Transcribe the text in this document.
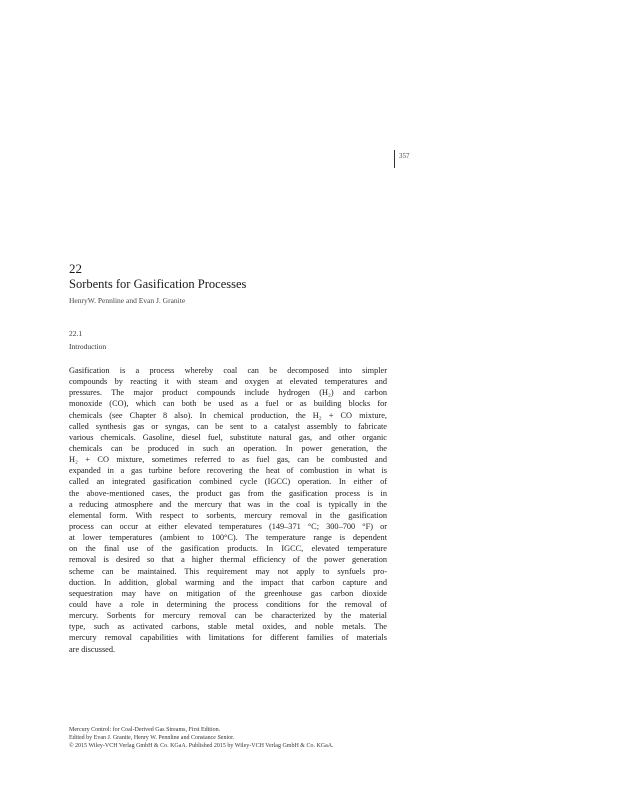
357
22
Sorbents for Gasification Processes
HenryW. Pennline and Evan J. Granite
22.1
Introduction
Gasification is a process whereby coal can be decomposed into simpler
compounds by reacting it with steam and oxygen at elevated temperatures and
pressures. The major product compounds include hydrogen (H₂) and carbon
monoxide (CO), which can both be used as a fuel or as building blocks for
chemicals (see Chapter 8 also). In chemical production, the H₂ + CO mixture,
called synthesis gas or syngas, can be sent to a catalyst assembly to fabricate
various chemicals. Gasoline, diesel fuel, substitute natural gas, and other organic
chemicals can be produced in such an operation. In power generation, the
H₂ + CO mixture, sometimes referred to as fuel gas, can be combusted and
expanded in a gas turbine before recovering the heat of combustion in what is
called an integrated gasification combined cycle (IGCC) operation. In either of
the above-mentioned cases, the product gas from the gasification process is in
a reducing atmosphere and the mercury that was in the coal is typically in the
elemental form. With respect to sorbents, mercury removal in the gasification
process can occur at either elevated temperatures (149–371 °C; 300–700 °F) or
at lower temperatures (ambient to 100°C). The temperature range is dependent
on the final use of the gasification products. In IGCC, elevated temperature
removal is desired so that a higher thermal efficiency of the power generation
scheme can be maintained. This requirement may not apply to synfuels pro-
duction. In addition, global warming and the impact that carbon capture and
sequestration may have on mitigation of the greenhouse gas carbon dioxide
could have a role in determining the process conditions for the removal of
mercury. Sorbents for mercury removal can be characterized by the material
type, such as activated carbons, stable metal oxides, and noble metals. The
mercury removal capabilities with limitations for different families of materials
are discussed.
Mercury Control: for Coal-Derived Gas Streams, First Edition.
Edited by Evan J. Granite, Henry W. Pennline and Constance Senior.
© 2015 Wiley-VCH Verlag GmbH & Co. KGaA. Published 2015 by Wiley-VCH Verlag GmbH & Co. KGaA.
